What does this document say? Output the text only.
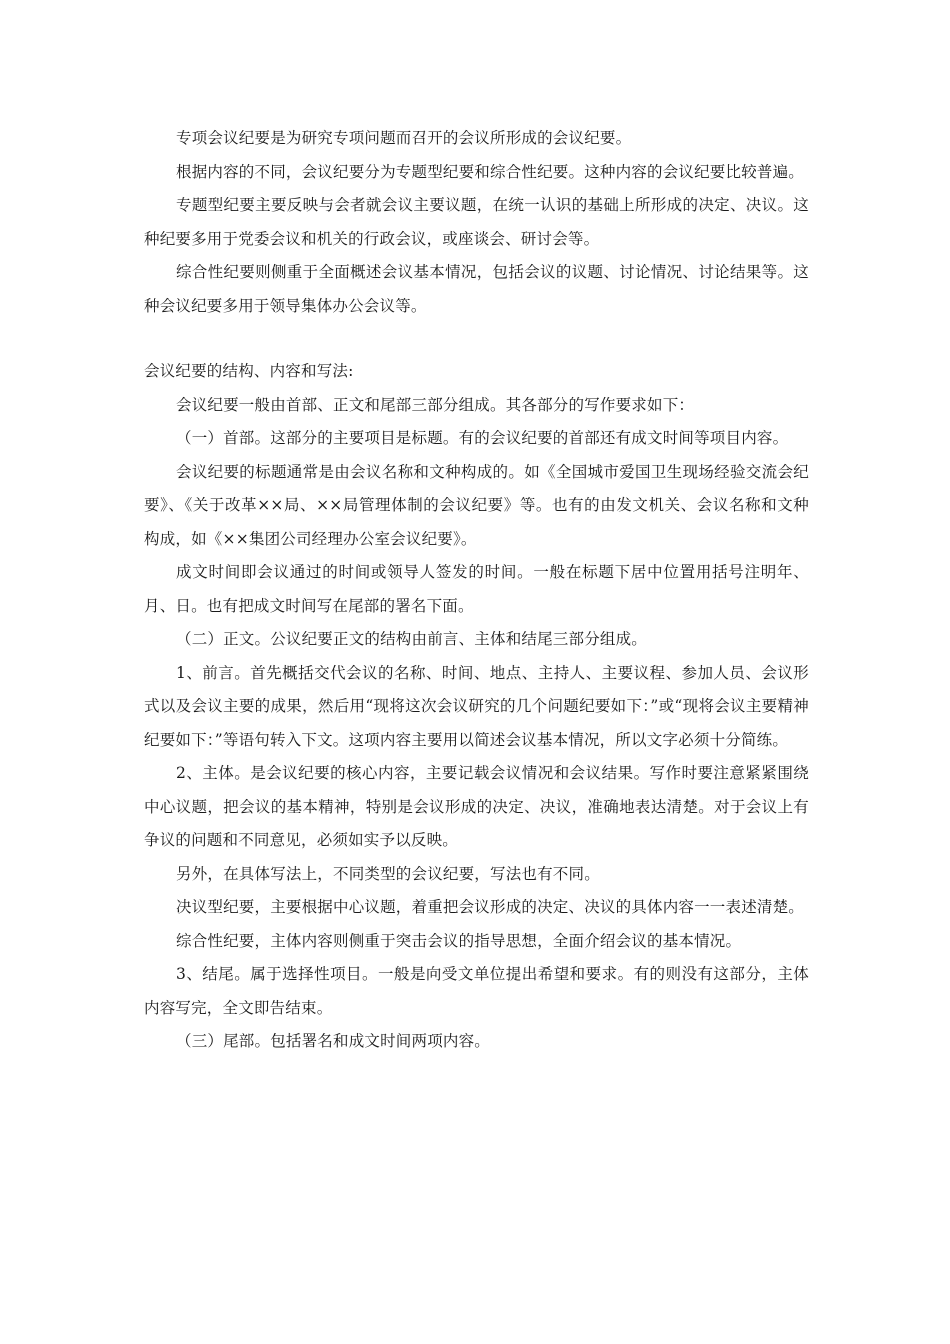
专项会议纪要是为研究专项问题而召开的会议所形成的会议纪要。

根据内容的不同，会议纪要分为专题型纪要和综合性纪要。这种内容的会议纪要比较普遍。

专题型纪要主要反映与会者就会议主要议题，在统一认识的基础上所形成的决定、决议。这种纪要多用于党委会议和机关的行政会议，或座谈会、研讨会等。

综合性纪要则侧重于全面概述会议基本情况，包括会议的议题、讨论情况、讨论结果等。这种会议纪要多用于领导集体办公会议等。

会议纪要的结构、内容和写法:

会议纪要一般由首部、正文和尾部三部分组成。其各部分的写作要求如下：

（一）首部。这部分的主要项目是标题。有的会议纪要的首部还有成文时间等项目内容。

会议纪要的标题通常是由会议名称和文种构成的。如《全国城市爱国卫生现场经验交流会纪要》、《关于改革××局、××局管理体制的会议纪要》等。也有的由发文机关、会议名称和文种构成，如《××集团公司经理办公室会议纪要》。

成文时间即会议通过的时间或领导人签发的时间。一般在标题下居中位置用括号注明年、月、日。也有把成文时间写在尾部的署名下面。

（二）正文。公议纪要正文的结构由前言、主体和结尾三部分组成。

1、前言。首先概括交代会议的名称、时间、地点、主持人、主要议程、参加人员、会议形式以及会议主要的成果，然后用“现将这次会议研究的几个问题纪要如下：”或“现将会议主要精神纪要如下：”等语句转入下文。这项内容主要用以简述会议基本情况，所以文字必须十分简练。

2、主体。是会议纪要的核心内容，主要记载会议情况和会议结果。写作时要注意紧紧围绕中心议题，把会议的基本精神，特别是会议形成的决定、决议，准确地表达清楚。对于会议上有争议的问题和不同意见，必须如实予以反映。

另外，在具体写法上，不同类型的会议纪要，写法也有不同。

决议型纪要，主要根据中心议题，着重把会议形成的决定、决议的具体内容一一表述清楚。

综合性纪要，主体内容则侧重于突击会议的指导思想，全面介绍会议的基本情况。

3、结尾。属于选择性项目。一般是向受文单位提出希望和要求。有的则没有这部分，主体内容写完，全文即告结束。

（三）尾部。包括署名和成文时间两项内容。
